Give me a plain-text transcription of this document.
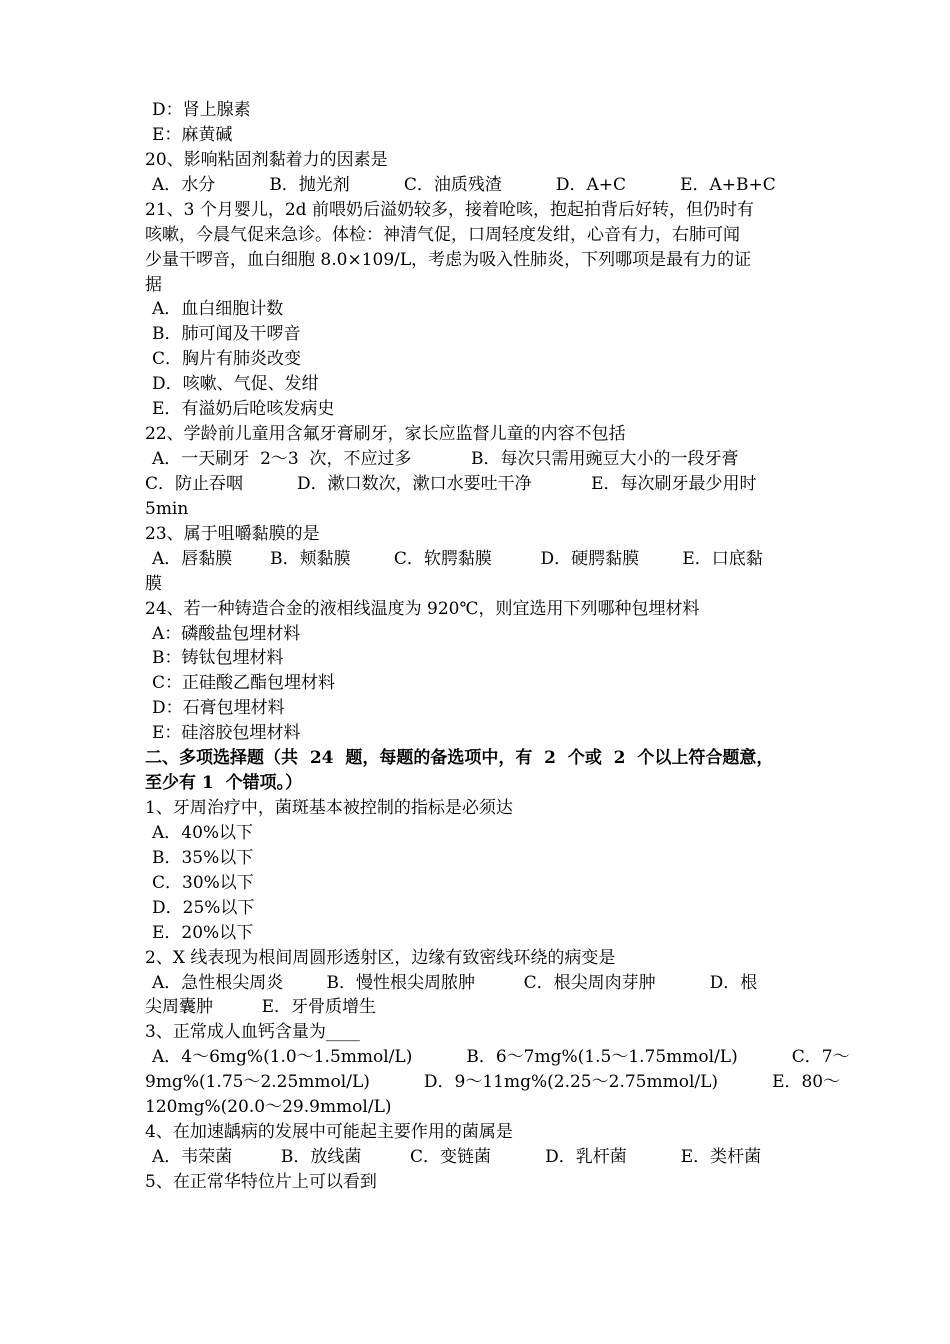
D：肾上腺素
E：麻黄碱
20、影响粘固剂黏着力的因素是
A．水分          B．抛光剂          C．油质残渣          D．A+C          E．A+B+C
21、3 个月婴儿，2d 前喂奶后溢奶较多，接着呛咳，抱起拍背后好转，但仍时有
咳嗽，今晨气促来急诊。体检：神清气促，口周轻度发绀，心音有力，右肺可闻
少量干啰音，血白细胞 8.0×109/L，考虑为吸入性肺炎，下列哪项是最有力的证
据
A．血白细胞计数
B．肺可闻及干啰音
C．胸片有肺炎改变
D．咳嗽、气促、发绀
E．有溢奶后呛咳发病史
22、学龄前儿童用含氟牙膏刷牙，家长应监督儿童的内容不包括
A．一天刷牙  2～3  次，不应过多           B．每次只需用豌豆大小的一段牙膏
C．防止吞咽          D．漱口数次，漱口水要吐干净           E．每次刷牙最少用时
5min
23、属于咀嚼黏膜的是
A．唇黏膜       B．颊黏膜        C．软腭黏膜         D．硬腭黏膜        E．口底黏
膜
24、若一种铸造合金的液相线温度为 920℃，则宜选用下列哪种包埋材料
A：磷酸盐包埋材料
B：铸钛包埋材料
C：正硅酸乙酯包埋材料
D：石膏包埋材料
E：硅溶胶包埋材料
二、多项选择题（共  24  题，每题的备选项中，有  2  个或  2  个以上符合题意，
至少有 1  个错项。）
1、牙周治疗中，菌斑基本被控制的指标是必须达
A．40%以下
B．35%以下
C．30%以下
D．25%以下
E．20%以下
2、X 线表现为根间周圆形透射区，边缘有致密线环绕的病变是
A．急性根尖周炎        B．慢性根尖周脓肿         C．根尖周肉芽肿          D．根
尖周囊肿         E．牙骨质增生
3、正常成人血钙含量为____
A．4～6mg%(1.0～1.5mmol/L)          B．6～7mg%(1.5～1.75mmol/L)          C．7～
9mg%(1.75～2.25mmol/L)          D．9～11mg%(2.25～2.75mmol/L)          E．80～
120mg%(20.0～29.9mmol/L)
4、在加速龋病的发展中可能起主要作用的菌属是
A．韦荣菌         B．放线菌         C．变链菌          D．乳杆菌          E．类杆菌
5、在正常华特位片上可以看到
